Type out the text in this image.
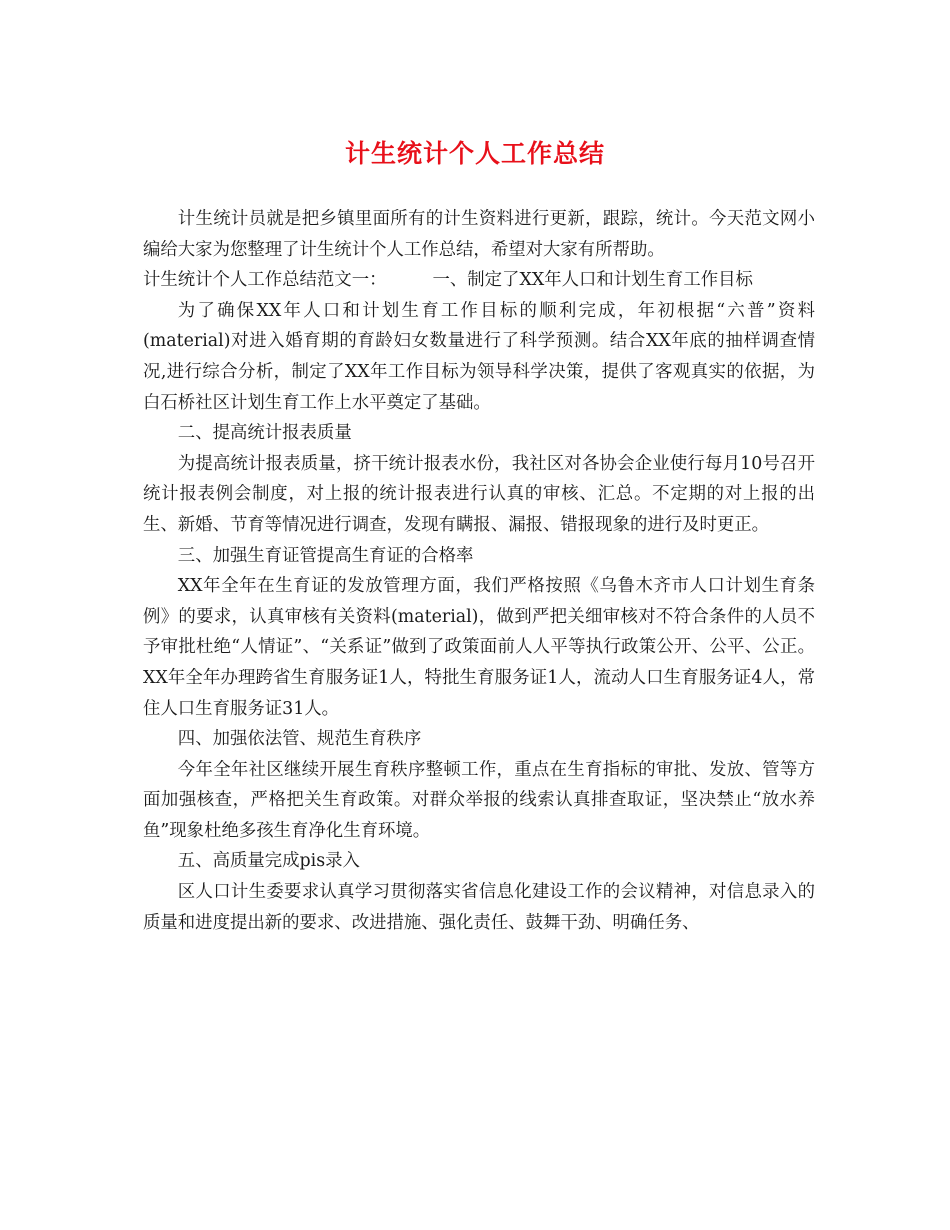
计生统计个人工作总结

计生统计员就是把乡镇里面所有的计生资料进行更新，跟踪，统计。今天范文网小编给大家为您整理了计生统计个人工作总结，希望对大家有所帮助。

计生统计个人工作总结范文一：	一、制定了XX年人口和计划生育工作目标

为了确保XX年人口和计划生育工作目标的顺利完成，年初根据“六普”资料(material)对进入婚育期的育龄妇女数量进行了科学预测。结合XX年底的抽样调查情况,进行综合分析，制定了XX年工作目标为领导科学决策，提供了客观真实的依据，为白石桥社区计划生育工作上水平奠定了基础。

二、提高统计报表质量

为提高统计报表质量，挤干统计报表水份，我社区对各协会企业使行每月10号召开统计报表例会制度，对上报的统计报表进行认真的审核、汇总。不定期的对上报的出生、新婚、节育等情况进行调查，发现有瞒报、漏报、错报现象的进行及时更正。

三、加强生育证管提高生育证的合格率

XX年全年在生育证的发放管理方面，我们严格按照《乌鲁木齐市人口计划生育条例》的要求，认真审核有关资料(material)，做到严把关细审核对不符合条件的人员不予审批杜绝“人情证”、“关系证”做到了政策面前人人平等执行政策公开、公平、公正。XX年全年办理跨省生育服务证1人，特批生育服务证1人，流动人口生育服务证4人，常住人口生育服务证31人。

四、加强依法管、规范生育秩序

今年全年社区继续开展生育秩序整顿工作，重点在生育指标的审批、发放、管等方面加强核查，严格把关生育政策。对群众举报的线索认真排查取证，坚决禁止“放水养鱼”现象杜绝多孩生育净化生育环境。

五、高质量完成pis录入

区人口计生委要求认真学习贯彻落实省信息化建设工作的会议精神，对信息录入的质量和进度提出新的要求、改进措施、强化责任、鼓舞干劲、明确任务、
